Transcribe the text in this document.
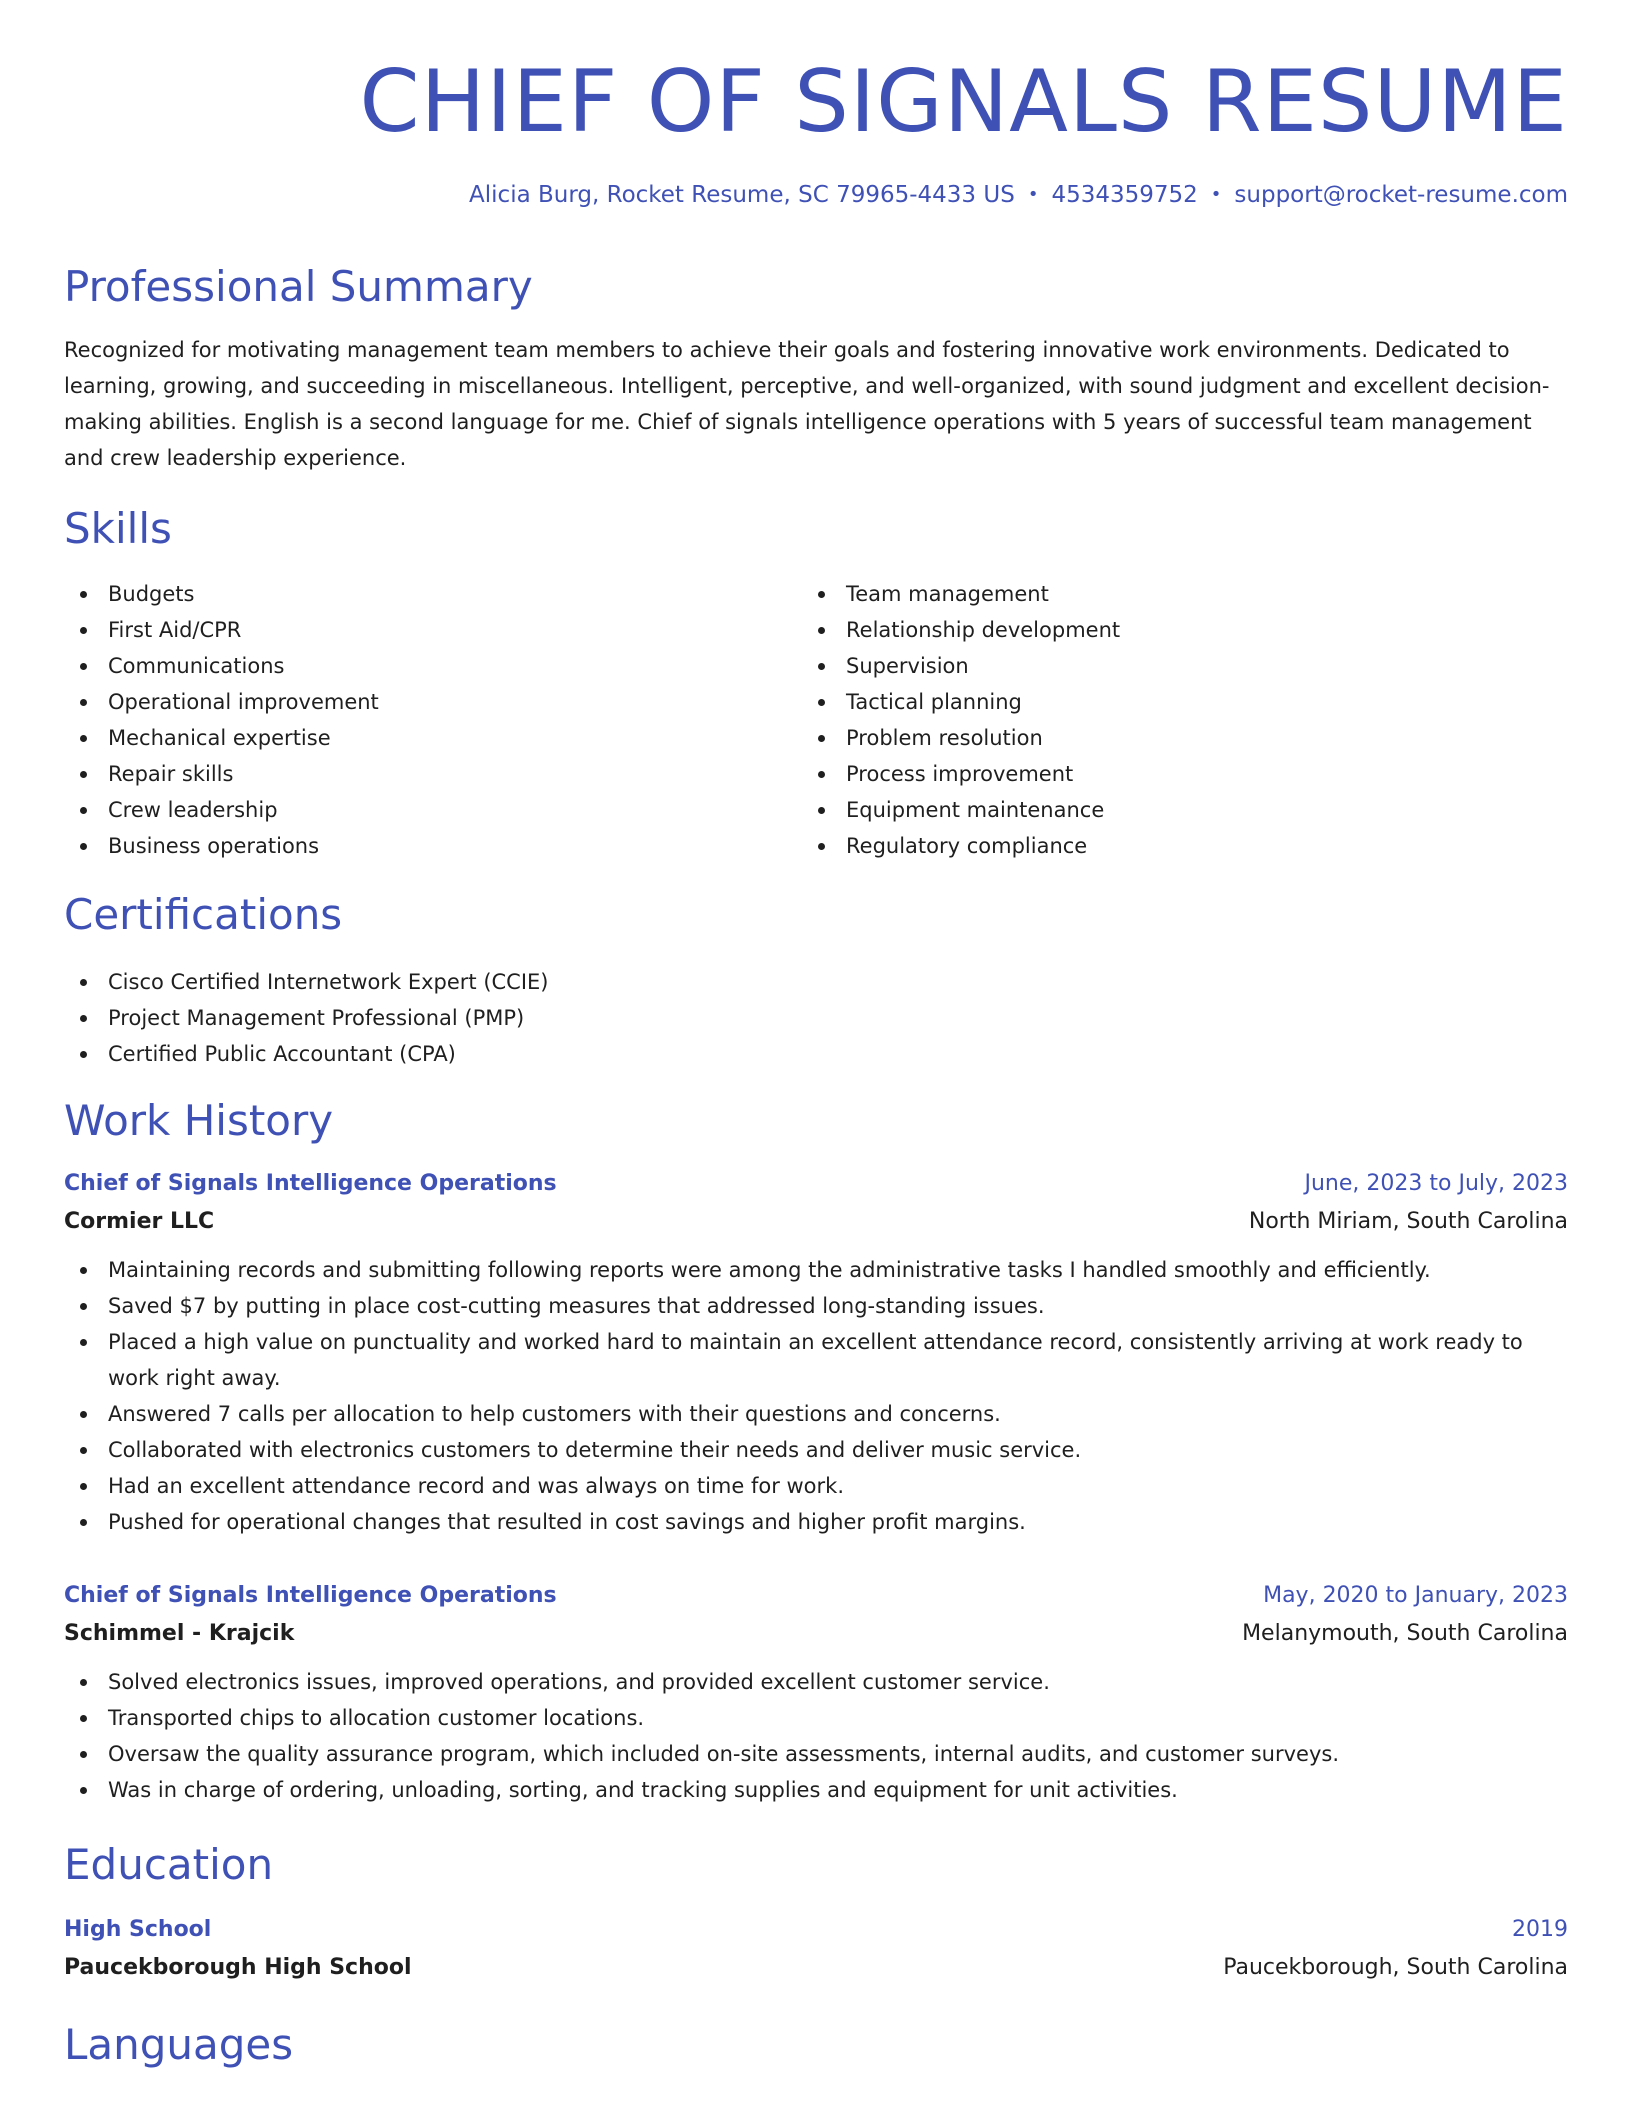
CHIEF OF SIGNALS RESUME
Alicia Burg, Rocket Resume, SC 79965-4433 US • 4534359752 • support@rocket-resume.com
Professional Summary

Recognized for motivating management team members to achieve their goals and fostering innovative work environments. Dedicated to learning, growing, and succeeding in miscellaneous. Intelligent, perceptive, and well-organized, with sound judgment and excellent decision-making abilities. English is a second language for me. Chief of signals intelligence operations with 5 years of successful team management and crew leadership experience.

Skills
Budgets
First Aid/CPR
Communications
Operational improvement
Mechanical expertise
Repair skills
Crew leadership
Business operations
Team management
Relationship development
Supervision
Tactical planning
Problem resolution
Process improvement
Equipment maintenance
Regulatory compliance
Certifications
Cisco Certified Internetwork Expert (CCIE)
Project Management Professional (PMP)
Certified Public Accountant (CPA)
Work History
Chief of Signals Intelligence Operations	June, 2023 to July, 2023
Cormier LLC	North Miriam, South Carolina
Maintaining records and submitting following reports were among the administrative tasks I handled smoothly and efficiently.
Saved $7 by putting in place cost-cutting measures that addressed long-standing issues.
Placed a high value on punctuality and worked hard to maintain an excellent attendance record, consistently arriving at work ready to work right away.
Answered 7 calls per allocation to help customers with their questions and concerns.
Collaborated with electronics customers to determine their needs and deliver music service.
Had an excellent attendance record and was always on time for work.
Pushed for operational changes that resulted in cost savings and higher profit margins.
Chief of Signals Intelligence Operations	May, 2020 to January, 2023
Schimmel - Krajcik	Melanymouth, South Carolina
Solved electronics issues, improved operations, and provided excellent customer service.
Transported chips to allocation customer locations.
Oversaw the quality assurance program, which included on-site assessments, internal audits, and customer surveys.
Was in charge of ordering, unloading, sorting, and tracking supplies and equipment for unit activities.
Education
High School	2019
Paucekborough High School	Paucekborough, South Carolina
Languages
